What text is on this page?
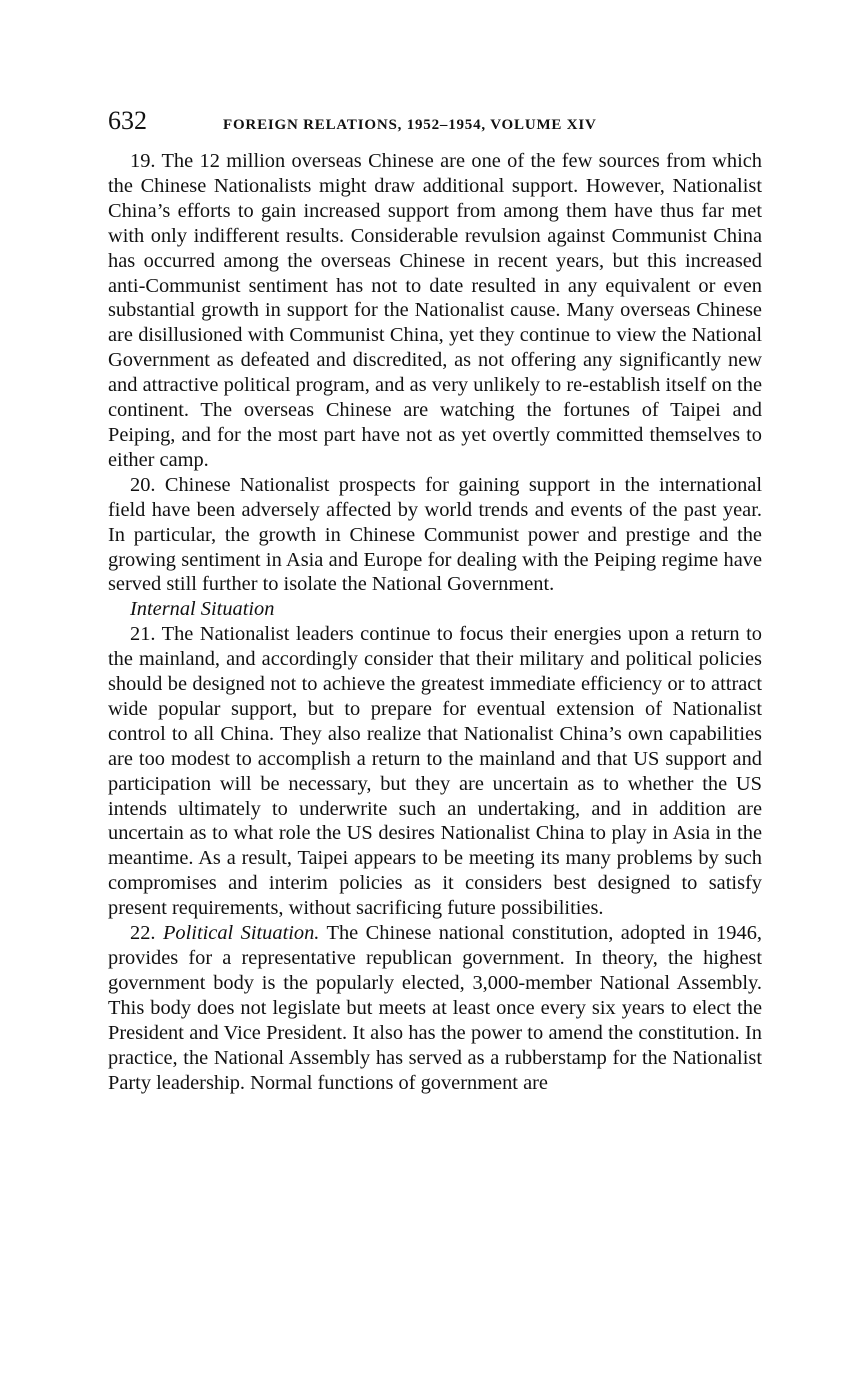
632	FOREIGN RELATIONS, 1952–1954, VOLUME XIV

19. The 12 million overseas Chinese are one of the few sources from which the Chinese Nationalists might draw additional support. However, Nationalist China’s efforts to gain increased support from among them have thus far met with only indifferent results. Considerable revulsion against Communist China has occurred among the overseas Chinese in recent years, but this increased anti-Communist sentiment has not to date resulted in any equivalent or even substantial growth in support for the Nationalist cause. Many overseas Chinese are disillusioned with Communist China, yet they continue to view the National Government as defeated and discredited, as not offering any significantly new and attractive political program, and as very unlikely to re-establish itself on the continent. The overseas Chinese are watching the fortunes of Taipei and Peiping, and for the most part have not as yet overtly committed themselves to either camp.

20. Chinese Nationalist prospects for gaining support in the international field have been adversely affected by world trends and events of the past year. In particular, the growth in Chinese Communist power and prestige and the growing sentiment in Asia and Europe for dealing with the Peiping regime have served still further to isolate the National Government.

Internal Situation

21. The Nationalist leaders continue to focus their energies upon a return to the mainland, and accordingly consider that their military and political policies should be designed not to achieve the greatest immediate efficiency or to attract wide popular support, but to prepare for eventual extension of Nationalist control to all China. They also realize that Nationalist China’s own capabilities are too modest to accomplish a return to the mainland and that US support and participation will be necessary, but they are uncertain as to whether the US intends ultimately to underwrite such an undertaking, and in addition are uncertain as to what role the US desires Nationalist China to play in Asia in the meantime. As a result, Taipei appears to be meeting its many problems by such compromises and interim policies as it considers best designed to satisfy present requirements, without sacrificing future possibilities.

22. Political Situation. The Chinese national constitution, adopted in 1946, provides for a representative republican government. In theory, the highest government body is the popularly elected, 3,000-member National Assembly. This body does not legislate but meets at least once every six years to elect the President and Vice President. It also has the power to amend the constitution. In practice, the National Assembly has served as a rubberstamp for the Nationalist Party leadership. Normal functions of government are
